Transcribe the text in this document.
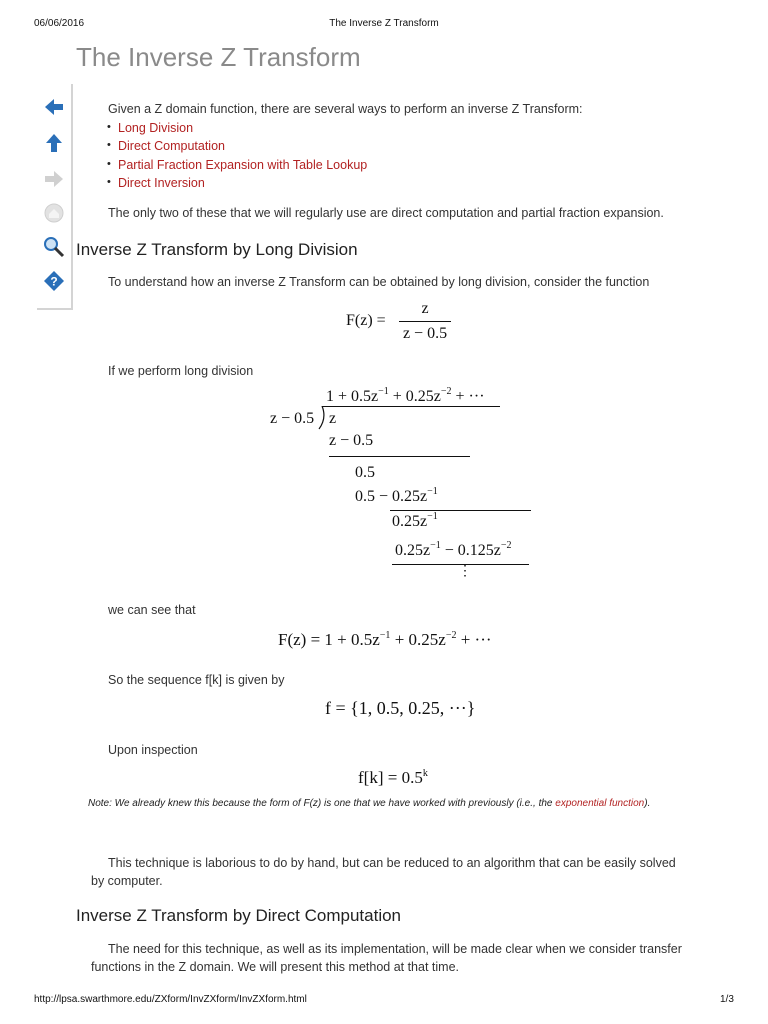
06/06/2016	The Inverse Z Transform
The Inverse Z Transform
?
Given a Z domain function, there are several ways to perform an inverse Z Transform:
• Long Division
• Direct Computation
• Partial Fraction Expansion with Table Lookup
• Direct Inversion
The only two of these that we will regularly use are direct computation and partial fraction expansion.
Inverse Z Transform by Long Division
To understand how an inverse Z Transform can be obtained by long division, consider the function
F(z) =
z
z − 0.5
If we perform long division
$1 + 0.5z^{-1} + 0.25z^{-2}$ + ···
z − 0.5 z
z − 0.5
0.5
$0.5 - 0.25z^{-1}$
$0.25z^{-1}$
$0.25z^{-1} - 0.125z^{-2}$
⋮
we can see that
$F(z) = 1 + 0.5z^{-1} + 0.25z^{-2}$ + ···
So the sequence f[k] is given by
f = {1, 0.5, 0.25, ···}
Upon inspection
$f[k] = 0.5^k$
Note: We already knew this because the form of F(z) is one that we have worked with previously (i.e., the exponential function).
This technique is laborious to do by hand, but can be reduced to an algorithm that can be easily solved by computer.
Inverse Z Transform by Direct Computation
The need for this technique, as well as its implementation, will be made clear when we consider transfer functions in the Z domain. We will present this method at that time.
http://lpsa.swarthmore.edu/ZXform/InvZXform/InvZXform.html	1/3
